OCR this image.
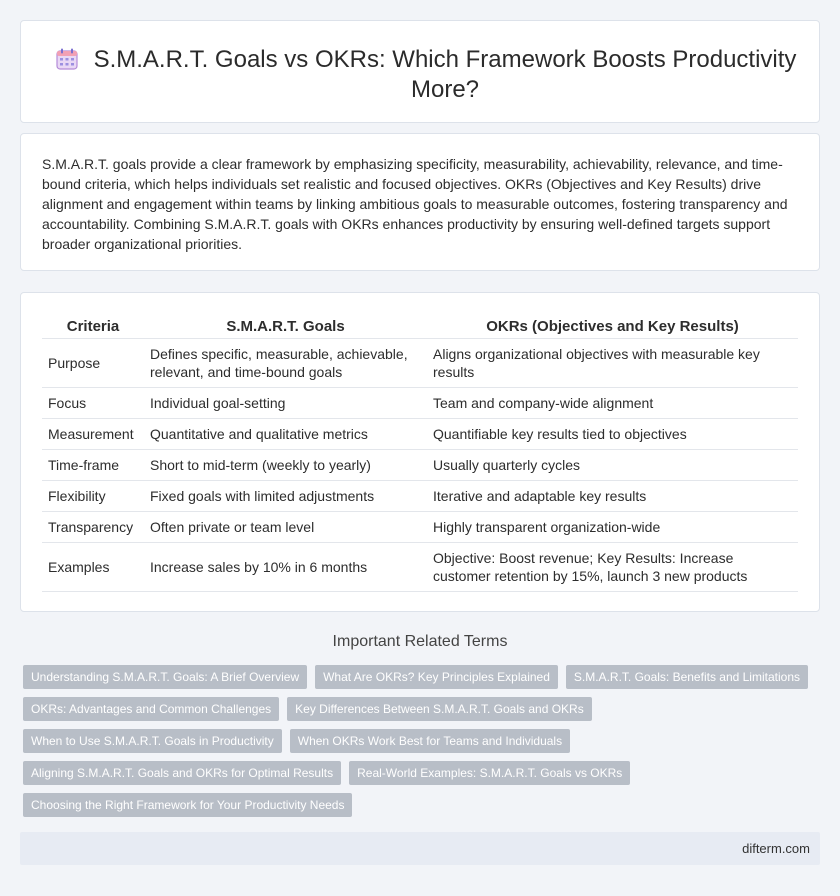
S.M.A.R.T. Goals vs OKRs: Which Framework Boosts Productivity More?

S.M.A.R.T. goals provide a clear framework by emphasizing specificity, measurability, achievability, relevance, and time-bound criteria, which helps individuals set realistic and focused objectives. OKRs (Objectives and Key Results) drive alignment and engagement within teams by linking ambitious goals to measurable outcomes, fostering transparency and accountability. Combining S.M.A.R.T. goals with OKRs enhances productivity by ensuring well-defined targets support broader organizational priorities.

Criteria	S.M.A.R.T. Goals	OKRs (Objectives and Key Results)
Purpose	Defines specific, measurable, achievable, relevant, and time-bound goals	Aligns organizational objectives with measurable key results
Focus	Individual goal-setting	Team and company-wide alignment
Measurement	Quantitative and qualitative metrics	Quantifiable key results tied to objectives
Time-frame	Short to mid-term (weekly to yearly)	Usually quarterly cycles
Flexibility	Fixed goals with limited adjustments	Iterative and adaptable key results
Transparency	Often private or team level	Highly transparent organization-wide
Examples	Increase sales by 10% in 6 months	Objective: Boost revenue; Key Results: Increase customer retention by 15%, launch 3 new products
Important Related Terms
Understanding S.M.A.R.T. Goals: A Brief Overview	What Are OKRs? Key Principles Explained	S.M.A.R.T. Goals: Benefits and Limitations
OKRs: Advantages and Common Challenges	Key Differences Between S.M.A.R.T. Goals and OKRs
When to Use S.M.A.R.T. Goals in Productivity	When OKRs Work Best for Teams and Individuals
Aligning S.M.A.R.T. Goals and OKRs for Optimal Results	Real-World Examples: S.M.A.R.T. Goals vs OKRs
Choosing the Right Framework for Your Productivity Needs
difterm.com
